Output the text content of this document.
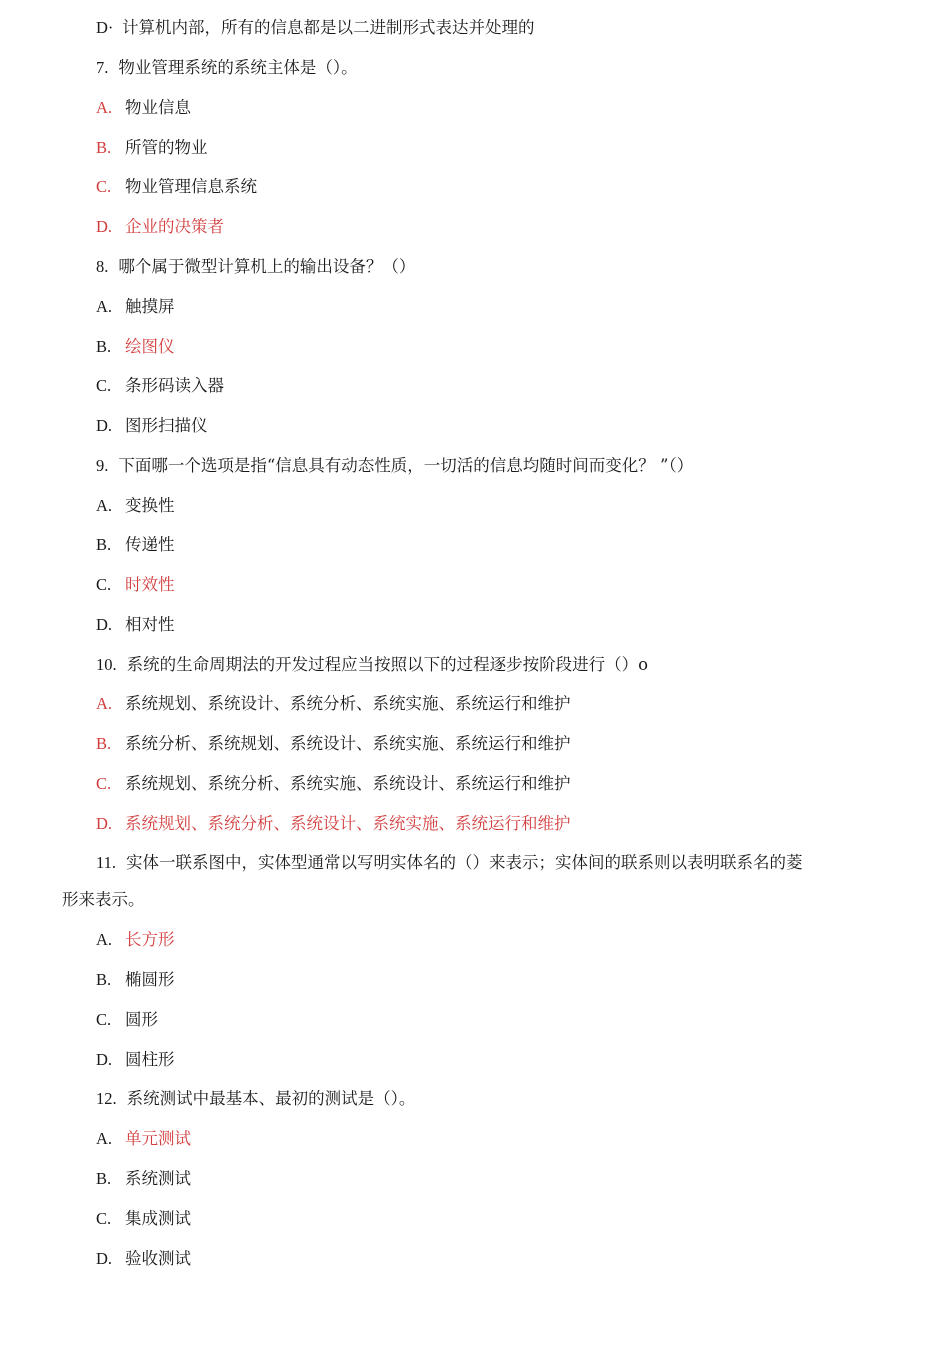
D· 计算机内部，所有的信息都是以二进制形式表达并处理的
7. 物业管理系统的系统主体是（）。
A. 物业信息
B. 所管的物业
C. 物业管理信息系统
D. 企业的决策者
8. 哪个属于微型计算机上的输出设备？（）
A. 触摸屏
B. 绘图仪
C. 条形码读入器
D. 图形扫描仪
9. 下面哪一个选项是指“信息具有动态性质，一切活的信息均随时间而变化？ ”（）
A. 变换性
B. 传递性
C. 时效性
D. 相对性
10. 系统的生命周期法的开发过程应当按照以下的过程逐步按阶段进行（）o
A. 系统规划、系统设计、系统分析、系统实施、系统运行和维护
B. 系统分析、系统规划、系统设计、系统实施、系统运行和维护
C. 系统规划、系统分析、系统实施、系统设计、系统运行和维护
D. 系统规划、系统分析、系统设计、系统实施、系统运行和维护
11. 实体一联系图中，实体型通常以写明实体名的（）来表示；实体间的联系则以表明联系名的菱
形来表示。
A. 长方形
B. 椭圆形
C. 圆形
D. 圆柱形
12. 系统测试中最基本、最初的测试是（）。
A. 单元测试
B. 系统测试
C. 集成测试
D. 验收测试
